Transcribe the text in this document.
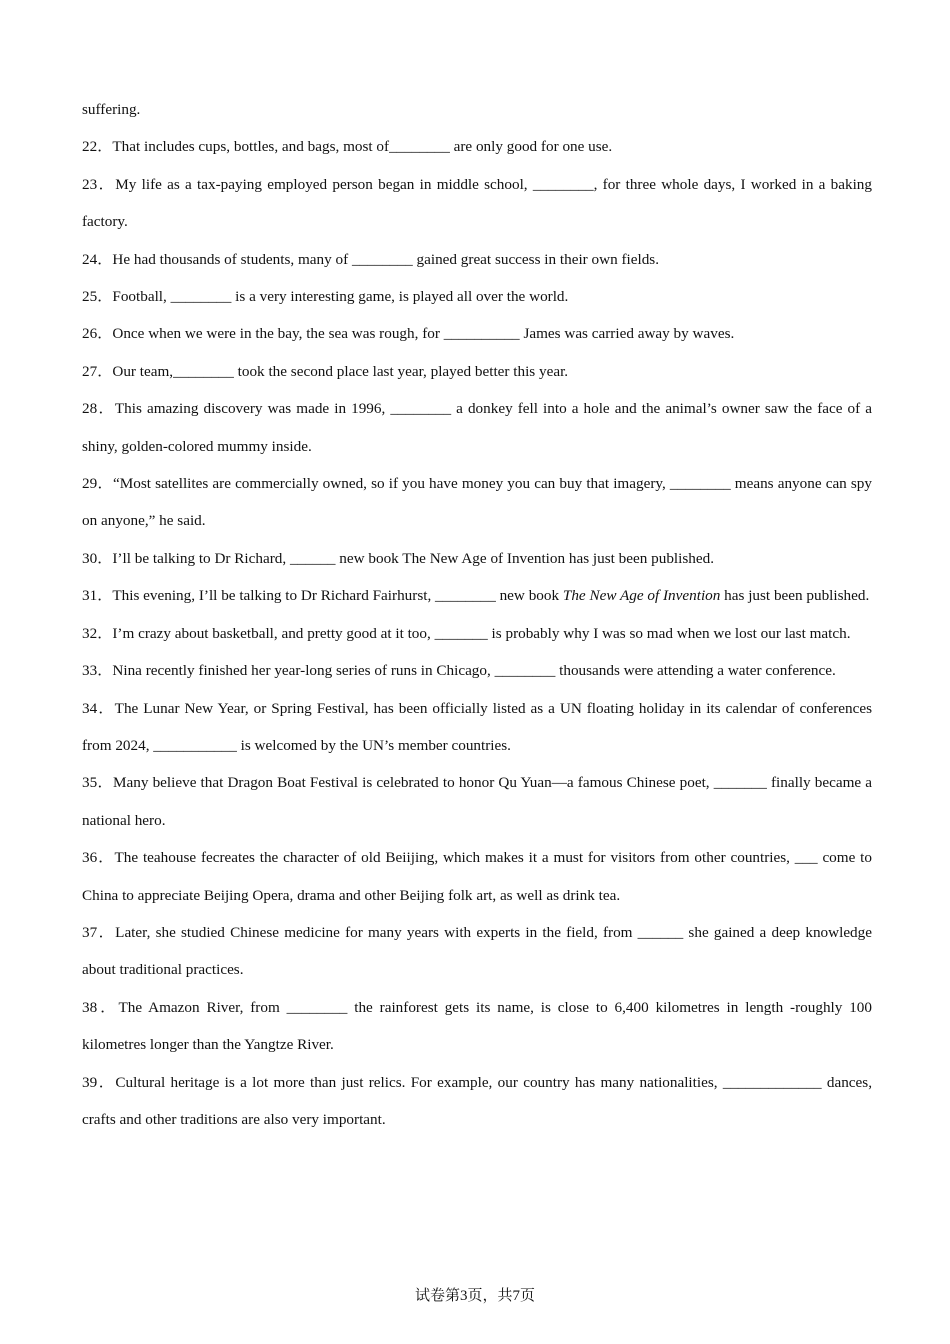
suffering.

22．That includes cups, bottles, and bags, most of________ are only good for one use.

23．My life as a tax-paying employed person began in middle school, ________, for three whole days, I worked in a baking factory.

24．He had thousands of students, many of ________ gained great success in their own fields.

25．Football, ________ is a very interesting game, is played all over the world.

26．Once when we were in the bay, the sea was rough, for __________ James was carried away by waves.

27．Our team,________ took the second place last year, played better this year.

28．This amazing discovery was made in 1996, ________ a donkey fell into a hole and the animal’s owner saw the face of a shiny, golden-colored mummy inside.

29．“Most satellites are commercially owned, so if you have money you can buy that imagery, ________ means anyone can spy on anyone,” he said.

30．I’ll be talking to Dr Richard, ______ new book The New Age of Invention has just been published.

31．This evening, I’ll be talking to Dr Richard Fairhurst, ________ new book The New Age of Invention has just been published.

32．I’m crazy about basketball, and pretty good at it too, _______ is probably why I was so mad when we lost our last match.

33．Nina recently finished her year-long series of runs in Chicago, ________ thousands were attending a water conference.

34．The Lunar New Year, or Spring Festival, has been officially listed as a UN floating holiday in its calendar of conferences from 2024, ___________ is welcomed by the UN’s member countries.

35．Many believe that Dragon Boat Festival is celebrated to honor Qu Yuan—a famous Chinese poet, _______ finally became a national hero.

36．The teahouse fecreates the character of old Beiijing, which makes it a must for visitors from other countries, ___ come to China to appreciate Beijing Opera, drama and other Beijing folk art, as well as drink tea.

37．Later, she studied Chinese medicine for many years with experts in the field, from ______ she gained a deep knowledge about traditional practices.

38．The Amazon River, from ________ the rainforest gets its name, is close to 6,400 kilometres in length -roughly 100 kilometres longer than the Yangtze River.

39．Cultural heritage is a lot more than just relics. For example, our country has many nationalities, _____________ dances, crafts and other traditions are also very important.

试卷第3页，共7页
